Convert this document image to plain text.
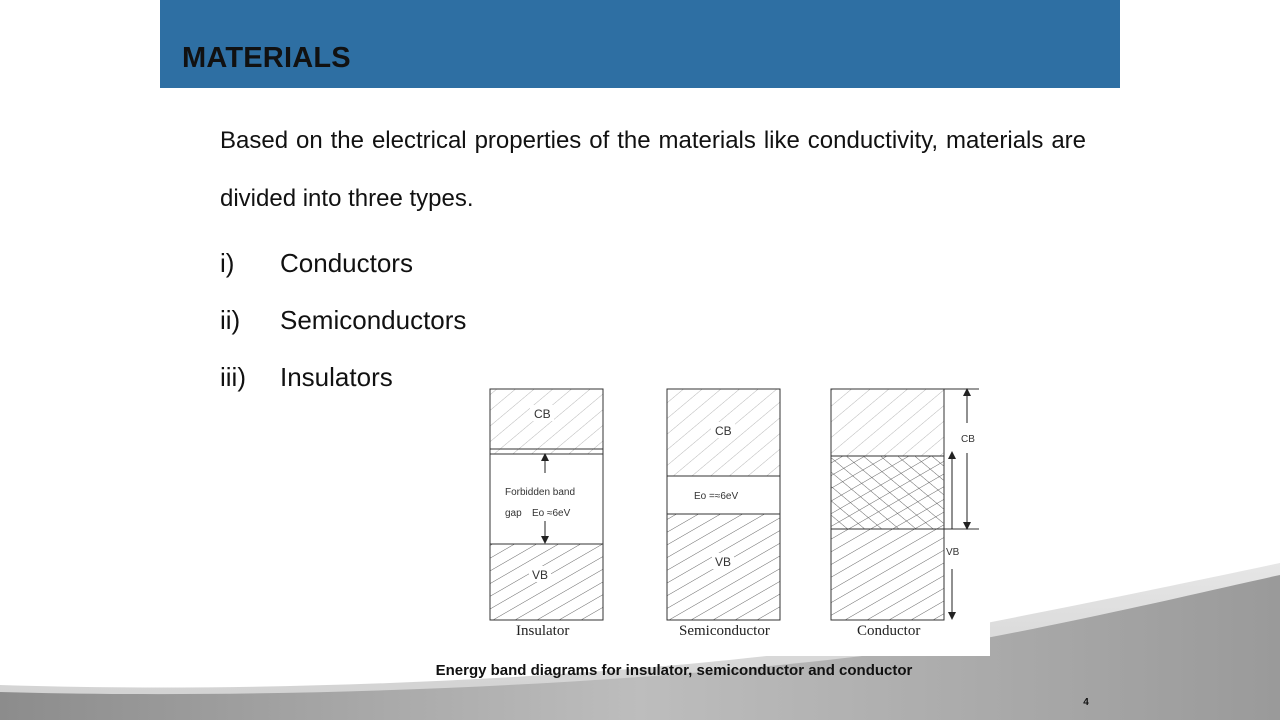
MATERIALS
Based on the electrical properties of the materials like conductivity, materials are divided into three types.
i)	Conductors
ii)	Semiconductors
iii)	Insulators
CB
Forbidden band
gap Eo ≈6eV
VB
Insulator
CB
Eo =≈6eV
VB
Semiconductor
CB
VB
Conductor
Energy band diagrams for insulator, semiconductor and conductor
4
